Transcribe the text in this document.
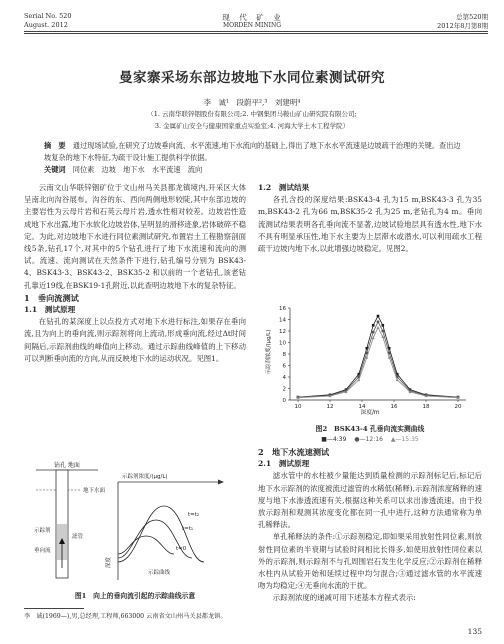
Serial No. 520
August. 2012
现　代　矿　业
MORDEN MINING
总第520期
2012年8月第8期
曼家寨采场东部边坡地下水同位素测试研究
李　诚¹　段蔚平²,³　刘建明⁴
（1. 云南华联锌铟股份有限公司;2. 中钢集团马鞍山矿山研究院有限公司;
3. 金属矿山安全与健康国家重点实验室;4. 河海大学土木工程学院）
摘　要　 通过现场试验,在研究了边坡垂向流、水平流速,地下水流向的基础上,得出了地下水水平流速是边坡疏干治理的关键。查出边坡复杂的地下水特征,为疏干设计施工提供科学依据。
关键词　 同位素　边坡　地下水　水平流速　流向

云南文山华联锌铟矿位于文山州马关县都龙镇境内,开采区大体呈南北向沟谷展布。沟谷的东、西向两侧地形较陡,其中东部边坡的主要岩性为云母片岩和石英云母片岩,透水性相对较差。边坡岩性造成地下水出露,地下水软化边坡岩体,呈明显的滑移迹象,岩体破碎不稳定。为此,对边坡地下水进行同位素测试研究,布置岩土工程勘察剖面线5条,钻孔17个,对其中的5个钻孔进行了地下水流速和流向的测试。流速、流向测试在天然条件下进行,钻孔编号分别为 BSK43-4、BSK43-3、BSK43-2、BSK35-2 和以前的一个老钻孔,该老钻孔靠近19线,在BSK19-1孔附近,以此查明边坡地下水的复杂特征。

1　垂向流测试

1.1　测试原理

在钻孔的某深度上以点投方式对地下水进行标注,如果存在垂向流,且为向上的垂向流,则示踪剂将向上流动,形成垂向流,经过Δt时间间隔后,示踪剂曲线的峰值向上移动。通过示踪曲线峰值的上下移动可以判断垂向流的方向,从而反映地下水的运动状况。见图1。

钻孔 地面
地下水面
示踪剂
垂向流
滤管
示踪剂浓度/(μg/L)
深度
t=t₂
t=t₁
t=0
示踪曲线
图1　向上的垂向流引起的示踪曲线示意
李　诚(1969—),男,总经理,工程师,663000 云南省文山州马关县都龙镇。

1.2　测试结果

各孔含投的深度结果:BSK43-4 孔为15 m,BSK43-3 孔为35 m,BSK43-2 孔为66 m,BSK35-2 孔为25 m,老钻孔为4 m。垂向流测试结果表明各孔垂向流不显著,边坡试验地层具有透水性,地下水不具有明显承压性,地下水主要为上层滞水或潜水,可以利用疏水工程疏干边坡内地下水,以此增强边坡稳定。见图2。

10	12	14	16	18	20
0
2
4
6
8
10
12
14
16
深度/m
示踪剂浓度/(μg/L)
图2　BSK43-4 孔垂向流实测曲线
■—4:39　 ●—12:16　 ▲—15:35

2　地下水流速测试

2.1　测试原理

滤水管中的水柱被少量能达到质量检测的示踪剂标记后,标记后地下水示踪剂的浓度被流过滤管的水稀低(稀释),示踪剂浓度稀释的速度与地下水渗透流速有关,根据这种关系可以求出渗透流速。由于投放示踪剂和观测其浓度变化都在同一孔中进行,这种方法通常称为单孔稀释法。

单孔稀释法的条件:①示踪剂稳定,即如果采用放射性同位素,则放射性同位素的半衰期与试验时间相比长得多,如使用放射性同位素以外的示踪剂,则示踪剂不与孔周围岩石发生化学反应;②示踪剂在稀释水柱内从试验开始和延续过程中均匀混合;③通过滤水管的水平流速吻为均稳定;④无垂向水流的干扰。

示踪剂浓度的递减可用下述基本方程式表示:

135
